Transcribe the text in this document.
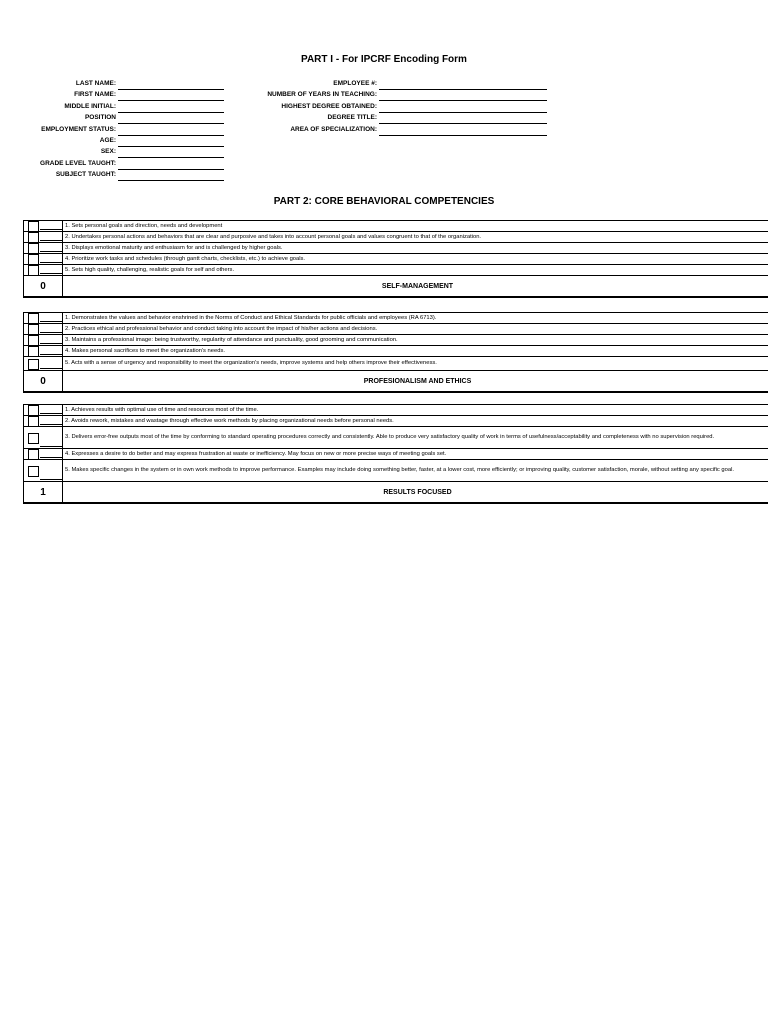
PART I - For IPCRF Encoding Form
LAST NAME:
FIRST NAME:
MIDDLE INITIAL:
POSITION
EMPLOYMENT STATUS:
AGE:
SEX:
GRADE LEVEL TAUGHT:
SUBJECT TAUGHT:
EMPLOYEE #:
NUMBER OF YEARS IN TEACHING:
HIGHEST DEGREE OBTAINED:
DEGREE TITLE:
AREA OF SPECIALIZATION:
PART 2: CORE BEHAVIORAL COMPETENCIES
	1. Sets personal goals and direction, needs and development

	2. Undertakes personal actions and behaviors that are clear and purposive and takes into account personal goals and values congruent to that of the organization.

	3. Displays emotional maturity and enthusiasm for and is challenged by higher goals.

	4. Prioritize work tasks and schedules (through gantt charts, checklists, etc.) to achieve goals.

	5. Sets high quality, challenging, realistic goals for self and others.
0	SELF-MANAGEMENT
	1. Demonstrates the values and behavior enshrined in the Norms of Conduct and Ethical Standards for public officials and employees (RA 6713).

	2. Practices ethical and professional behavior and conduct taking into account the impact of his/her actions and decisions.

	3. Maintains a professional image: being trustworthy, regularity of attendance and punctuality, good grooming and communication.

	4. Makes personal sacrifices to meet the organization's needs.

	5. Acts with a sense of urgency and responsibility to meet the organization's needs, improve systems and help others improve their effectiveness.
0	PROFESIONALISM AND ETHICS
	1. Achieves results with optimal use of time and resources most of the time.

	2. Avoids rework, mistakes and wastage through effective work methods by placing organizational needs before personal needs.

	3. Delivers error-free outputs most of the time by conforming to standard operating procedures correctly and consistently. Able to produce very satisfactory quality of work in terms of usefulness/acceptability and completeness with no supervision required.

	4. Expresses a desire to do better and may express frustration at waste or inefficiency. May focus on new or more precise ways of meeting goals set.

	5. Makes specific changes in the system or in own work methods to improve performance. Examples may include doing something better, faster, at a lower cost, more efficiently; or improving quality, customer satisfaction, morale, without setting any specific goal.
1	RESULTS FOCUSED
